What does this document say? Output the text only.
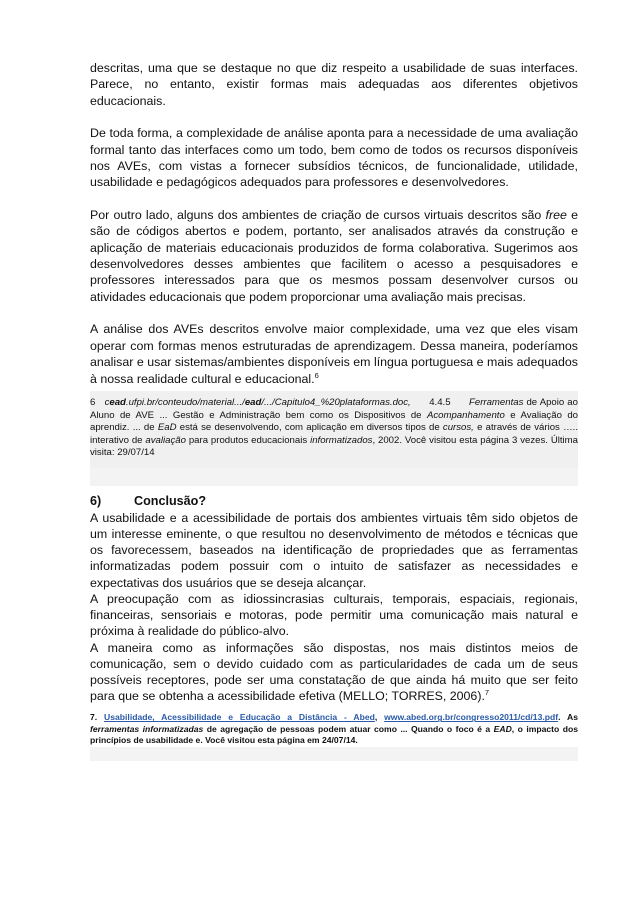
descritas, uma que se destaque no que diz respeito a usabilidade de suas interfaces. Parece, no entanto, existir formas mais adequadas aos diferentes objetivos educacionais.

De toda forma, a complexidade de análise aponta para a necessidade de uma avaliação formal tanto das interfaces como um todo, bem como de todos os recursos disponíveis nos AVEs, com vistas a fornecer subsídios técnicos, de funcionalidade, utilidade, usabilidade e pedagógicos adequados para professores e desenvolvedores.

Por outro lado, alguns dos ambientes de criação de cursos virtuais descritos são free e são de códigos abertos e podem, portanto, ser analisados através da construção e aplicação de materiais educacionais produzidos de forma colaborativa. Sugerimos aos desenvolvedores desses ambientes que facilitem o acesso a pesquisadores e professores interessados para que os mesmos possam desenvolver cursos ou atividades educacionais que podem proporcionar uma avaliação mais precisas.

A análise dos AVEs descritos envolve maior complexidade, uma vez que eles visam operar com formas menos estruturadas de aprendizagem. Dessa maneira, poderíamos analisar e usar sistemas/ambientes disponíveis em língua portuguesa e mais adequados à nossa realidade cultural e educacional.$^6$

6 cead.ufpi.br/conteudo/material.../ead/.../Capitulo4_%20plataformas.doc, 4.4.5 Ferramentas de Apoio ao Aluno de AVE ... Gestão e Administração bem como os Dispositivos de Acompanhamento e Avaliação do aprendiz. ... de EaD está se desenvolvendo, com aplicação em diversos tipos de cursos, e através de vários ….. interativo de avaliação para produtos educacionais informatizados, 2002. Você visitou esta página 3 vezes. Última visita: 29/07/14
6)	Conclusão?

A usabilidade e a acessibilidade de portais dos ambientes virtuais têm sido objetos de um interesse eminente, o que resultou no desenvolvimento de métodos e técnicas que os favorecessem, baseados na identificação de propriedades que as ferramentas informatizadas podem possuir com o intuito de satisfazer as necessidades e expectativas dos usuários que se deseja alcançar.

A preocupação com as idiossincrasias culturais, temporais, espaciais, regionais, financeiras, sensoriais e motoras, pode permitir uma comunicação mais natural e próxima à realidade do público-alvo.

A maneira como as informações são dispostas, nos mais distintos meios de comunicação, sem o devido cuidado com as particularidades de cada um de seus possíveis receptores, pode ser uma constatação de que ainda há muito que ser feito para que se obtenha a acessibilidade efetiva (MELLO; TORRES, 2006).$^7$

7. Usabilidade, Acessibilidade e Educação a Distância - Abed, www.abed.org.br/congresso2011/cd/13.pdf. As ferramentas informatizadas de agregação de pessoas podem atuar como ... Quando o foco é a EAD, o impacto dos princípios de usabilidade e. Você visitou esta página em 24/07/14.
